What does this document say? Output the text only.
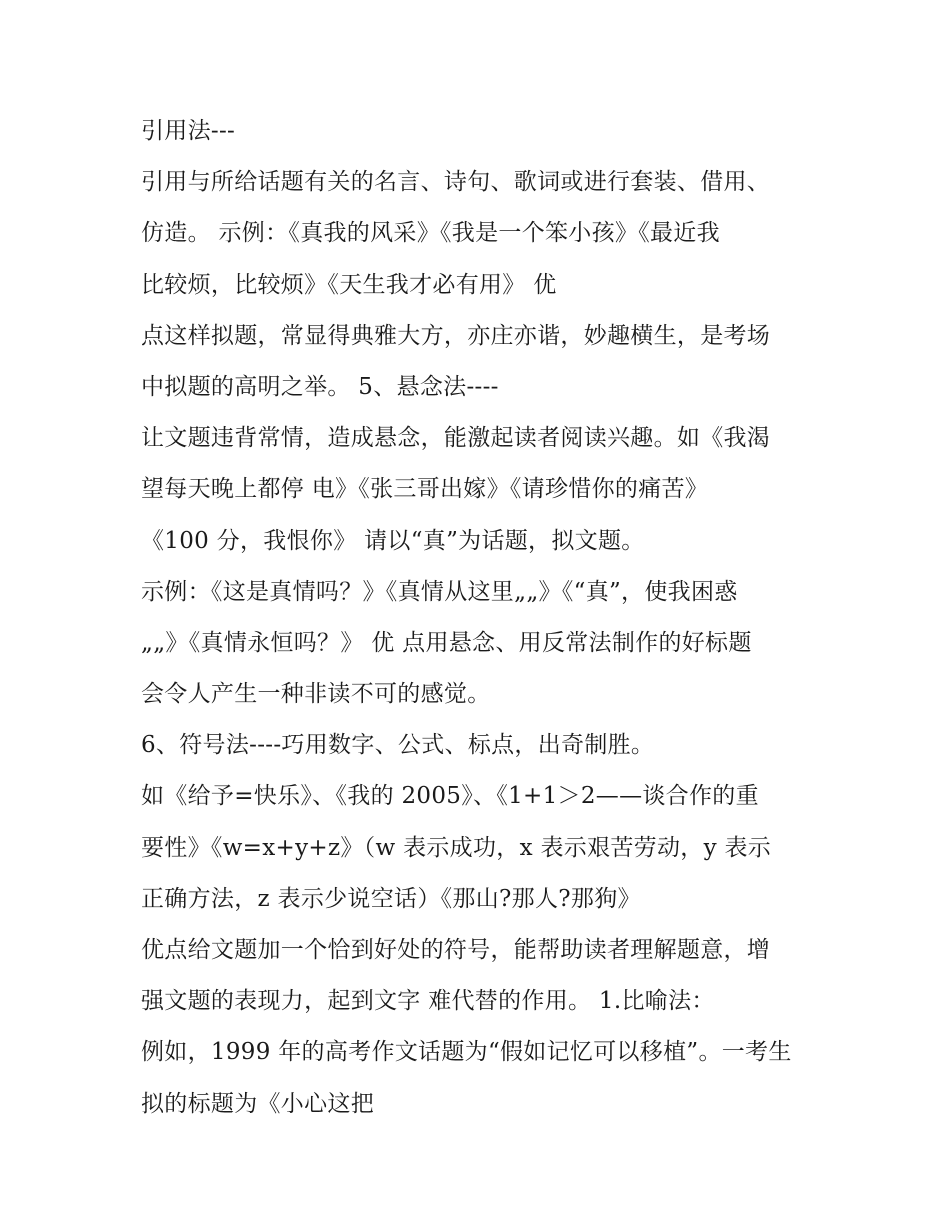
引用法---
引用与所给话题有关的名言、诗句、歌词或进行套装、借用、
仿造。 示例：《真我的风采》《我是一个笨小孩》《最近我
比较烦，比较烦》《天生我才必有用》 优
点这样拟题，常显得典雅大方，亦庄亦谐，妙趣横生，是考场
中拟题的高明之举。 5、悬念法----
让文题违背常情，造成悬念，能激起读者阅读兴趣。如《我渴
望每天晚上都停 电》《张三哥出嫁》《请珍惜你的痛苦》
《100 分，我恨你》 请以“真”为话题，拟文题。
示例：《这是真情吗？》《真情从这里„„》《“真”，使我困惑
„„》《真情永恒吗？》 优 点用悬念、用反常法制作的好标题
会令人产生一种非读不可的感觉。
6、符号法----巧用数字、公式、标点，出奇制胜。
如《给予=快乐》、《我的 2005》、《1+1＞2——谈合作的重
要性》《w=x+y+z》（w 表示成功，x 表示艰苦劳动，y 表示
正确方法，z 表示少说空话）《那山?那人?那狗》
优点给文题加一个恰到好处的符号，能帮助读者理解题意，增
强文题的表现力，起到文字 难代替的作用。 1.比喻法：
例如，1999 年的高考作文话题为“假如记忆可以移植”。一考生
拟的标题为《小心这把
